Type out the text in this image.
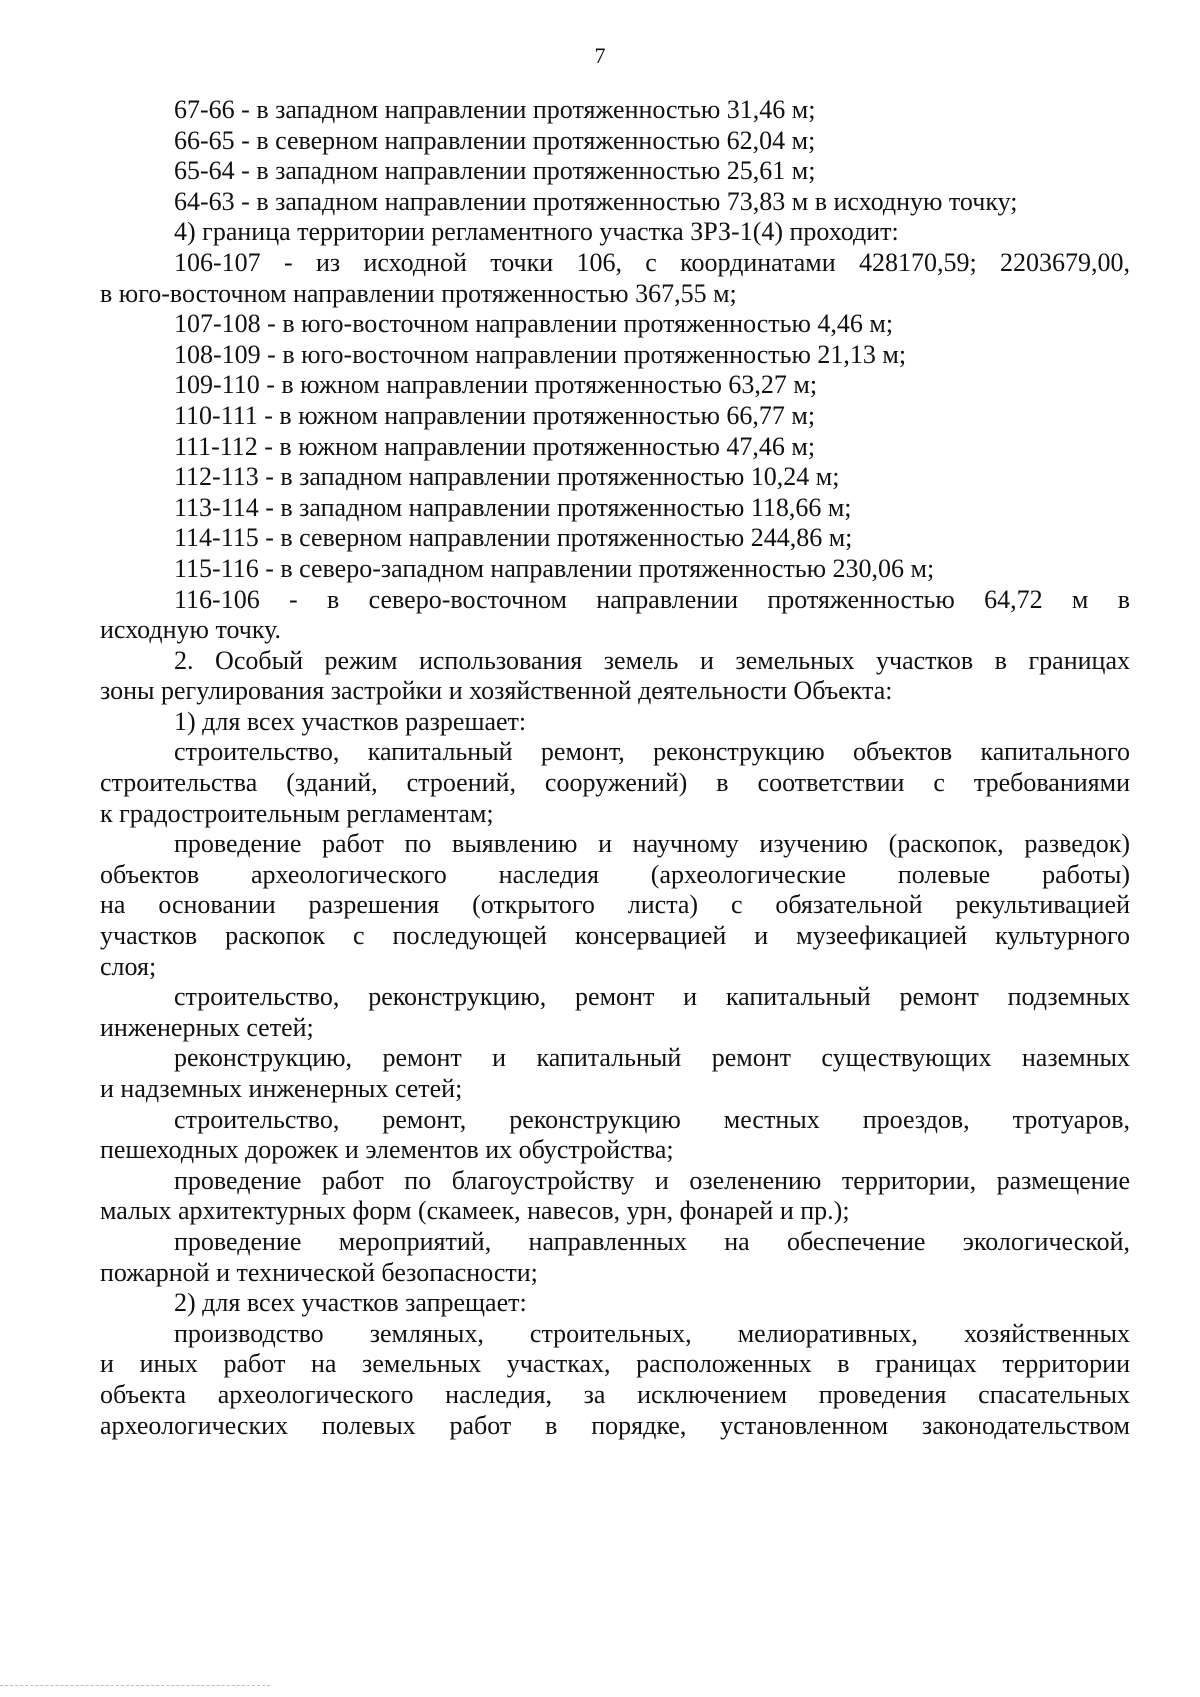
7
67-66 - в западном направлении протяженностью 31,46 м;
66-65 - в северном направлении протяженностью 62,04 м;
65-64 - в западном направлении протяженностью 25,61 м;
64-63 - в западном направлении протяженностью 73,83 м в исходную точку;
4) граница территории регламентного участка ЗРЗ-1(4) проходит:
106-107 - из исходной точки 106, с координатами 428170,59; 2203679,00,
в юго-восточном направлении протяженностью 367,55 м;
107-108 - в юго-восточном направлении протяженностью 4,46 м;
108-109 - в юго-восточном направлении протяженностью 21,13 м;
109-110 - в южном направлении протяженностью 63,27 м;
110-111 - в южном направлении протяженностью 66,77 м;
111-112 - в южном направлении протяженностью 47,46 м;
112-113 - в западном направлении протяженностью 10,24 м;
113-114 - в западном направлении протяженностью 118,66 м;
114-115 - в северном направлении протяженностью 244,86 м;
115-116 - в северо-западном направлении протяженностью 230,06 м;
116-106 - в северо-восточном направлении протяженностью 64,72 м в
исходную точку.
2. Особый режим использования земель и земельных участков в границах
зоны регулирования застройки и хозяйственной деятельности Объекта:
1) для всех участков разрешает:
строительство, капитальный ремонт, реконструкцию объектов капитального
строительства (зданий, строений, сооружений) в соответствии с требованиями
к градостроительным регламентам;
проведение работ по выявлению и научному изучению (раскопок, разведок)
объектов археологического наследия (археологические полевые работы)
на основании разрешения (открытого листа) с обязательной рекультивацией
участков раскопок с последующей консервацией и музеефикацией культурного
слоя;
строительство, реконструкцию, ремонт и капитальный ремонт подземных
инженерных сетей;
реконструкцию, ремонт и капитальный ремонт существующих наземных
и надземных инженерных сетей;
строительство, ремонт, реконструкцию местных проездов, тротуаров,
пешеходных дорожек и элементов их обустройства;
проведение работ по благоустройству и озеленению территории, размещение
малых архитектурных форм (скамеек, навесов, урн, фонарей и пр.);
проведение мероприятий, направленных на обеспечение экологической,
пожарной и технической безопасности;
2) для всех участков запрещает:
производство земляных, строительных, мелиоративных, хозяйственных
и иных работ на земельных участках, расположенных в границах территории
объекта археологического наследия, за исключением проведения спасательных
археологических полевых работ в порядке, установленном законодательством
